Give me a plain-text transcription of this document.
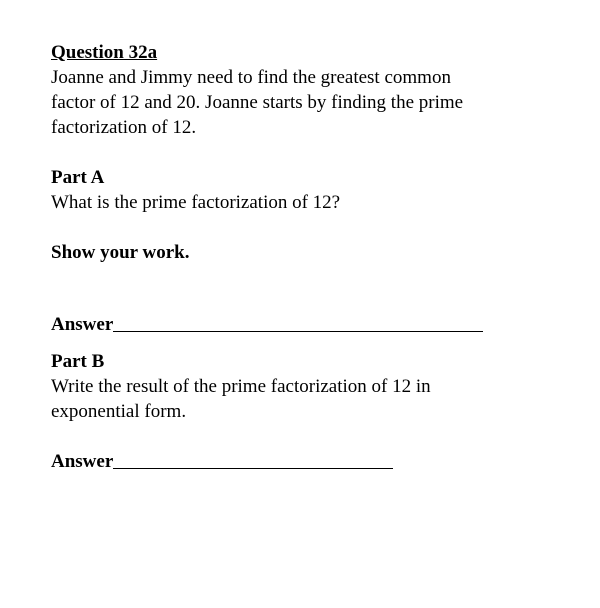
Question 32a
Joanne and Jimmy need to find the greatest common
factor of 12 and 20. Joanne starts by finding the prime
factorization of 12.
Part A
What is the prime factorization of 12?
Show your work.
Answer
Part B
Write the result of the prime factorization of 12 in
exponential form.
Answer
